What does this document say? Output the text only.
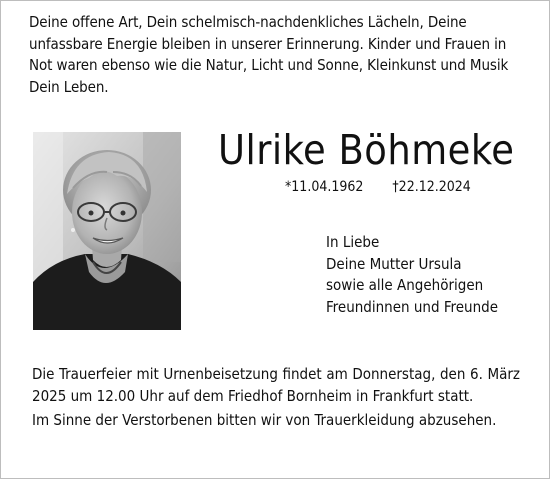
Deine offene Art, Dein schelmisch-nachdenkliches Lächeln, Deine unfassbare Energie bleiben in unserer Erinnerung. Kinder und Frauen in Not waren ebenso wie die Natur, Licht und Sonne, Kleinkunst und Musik Dein Leben.

Ulrike Böhmeke
*11.04.1962 †22.12.2024
In Liebe
Deine Mutter Ursula
sowie alle Angehörigen
Freundinnen und Freunde
Die Trauerfeier mit Urnenbeisetzung findet am Donnerstag, den 6. März 2025 um 12.00 Uhr auf dem Friedhof Bornheim in Frankfurt statt.
Im Sinne der Verstorbenen bitten wir von Trauerkleidung abzusehen.
